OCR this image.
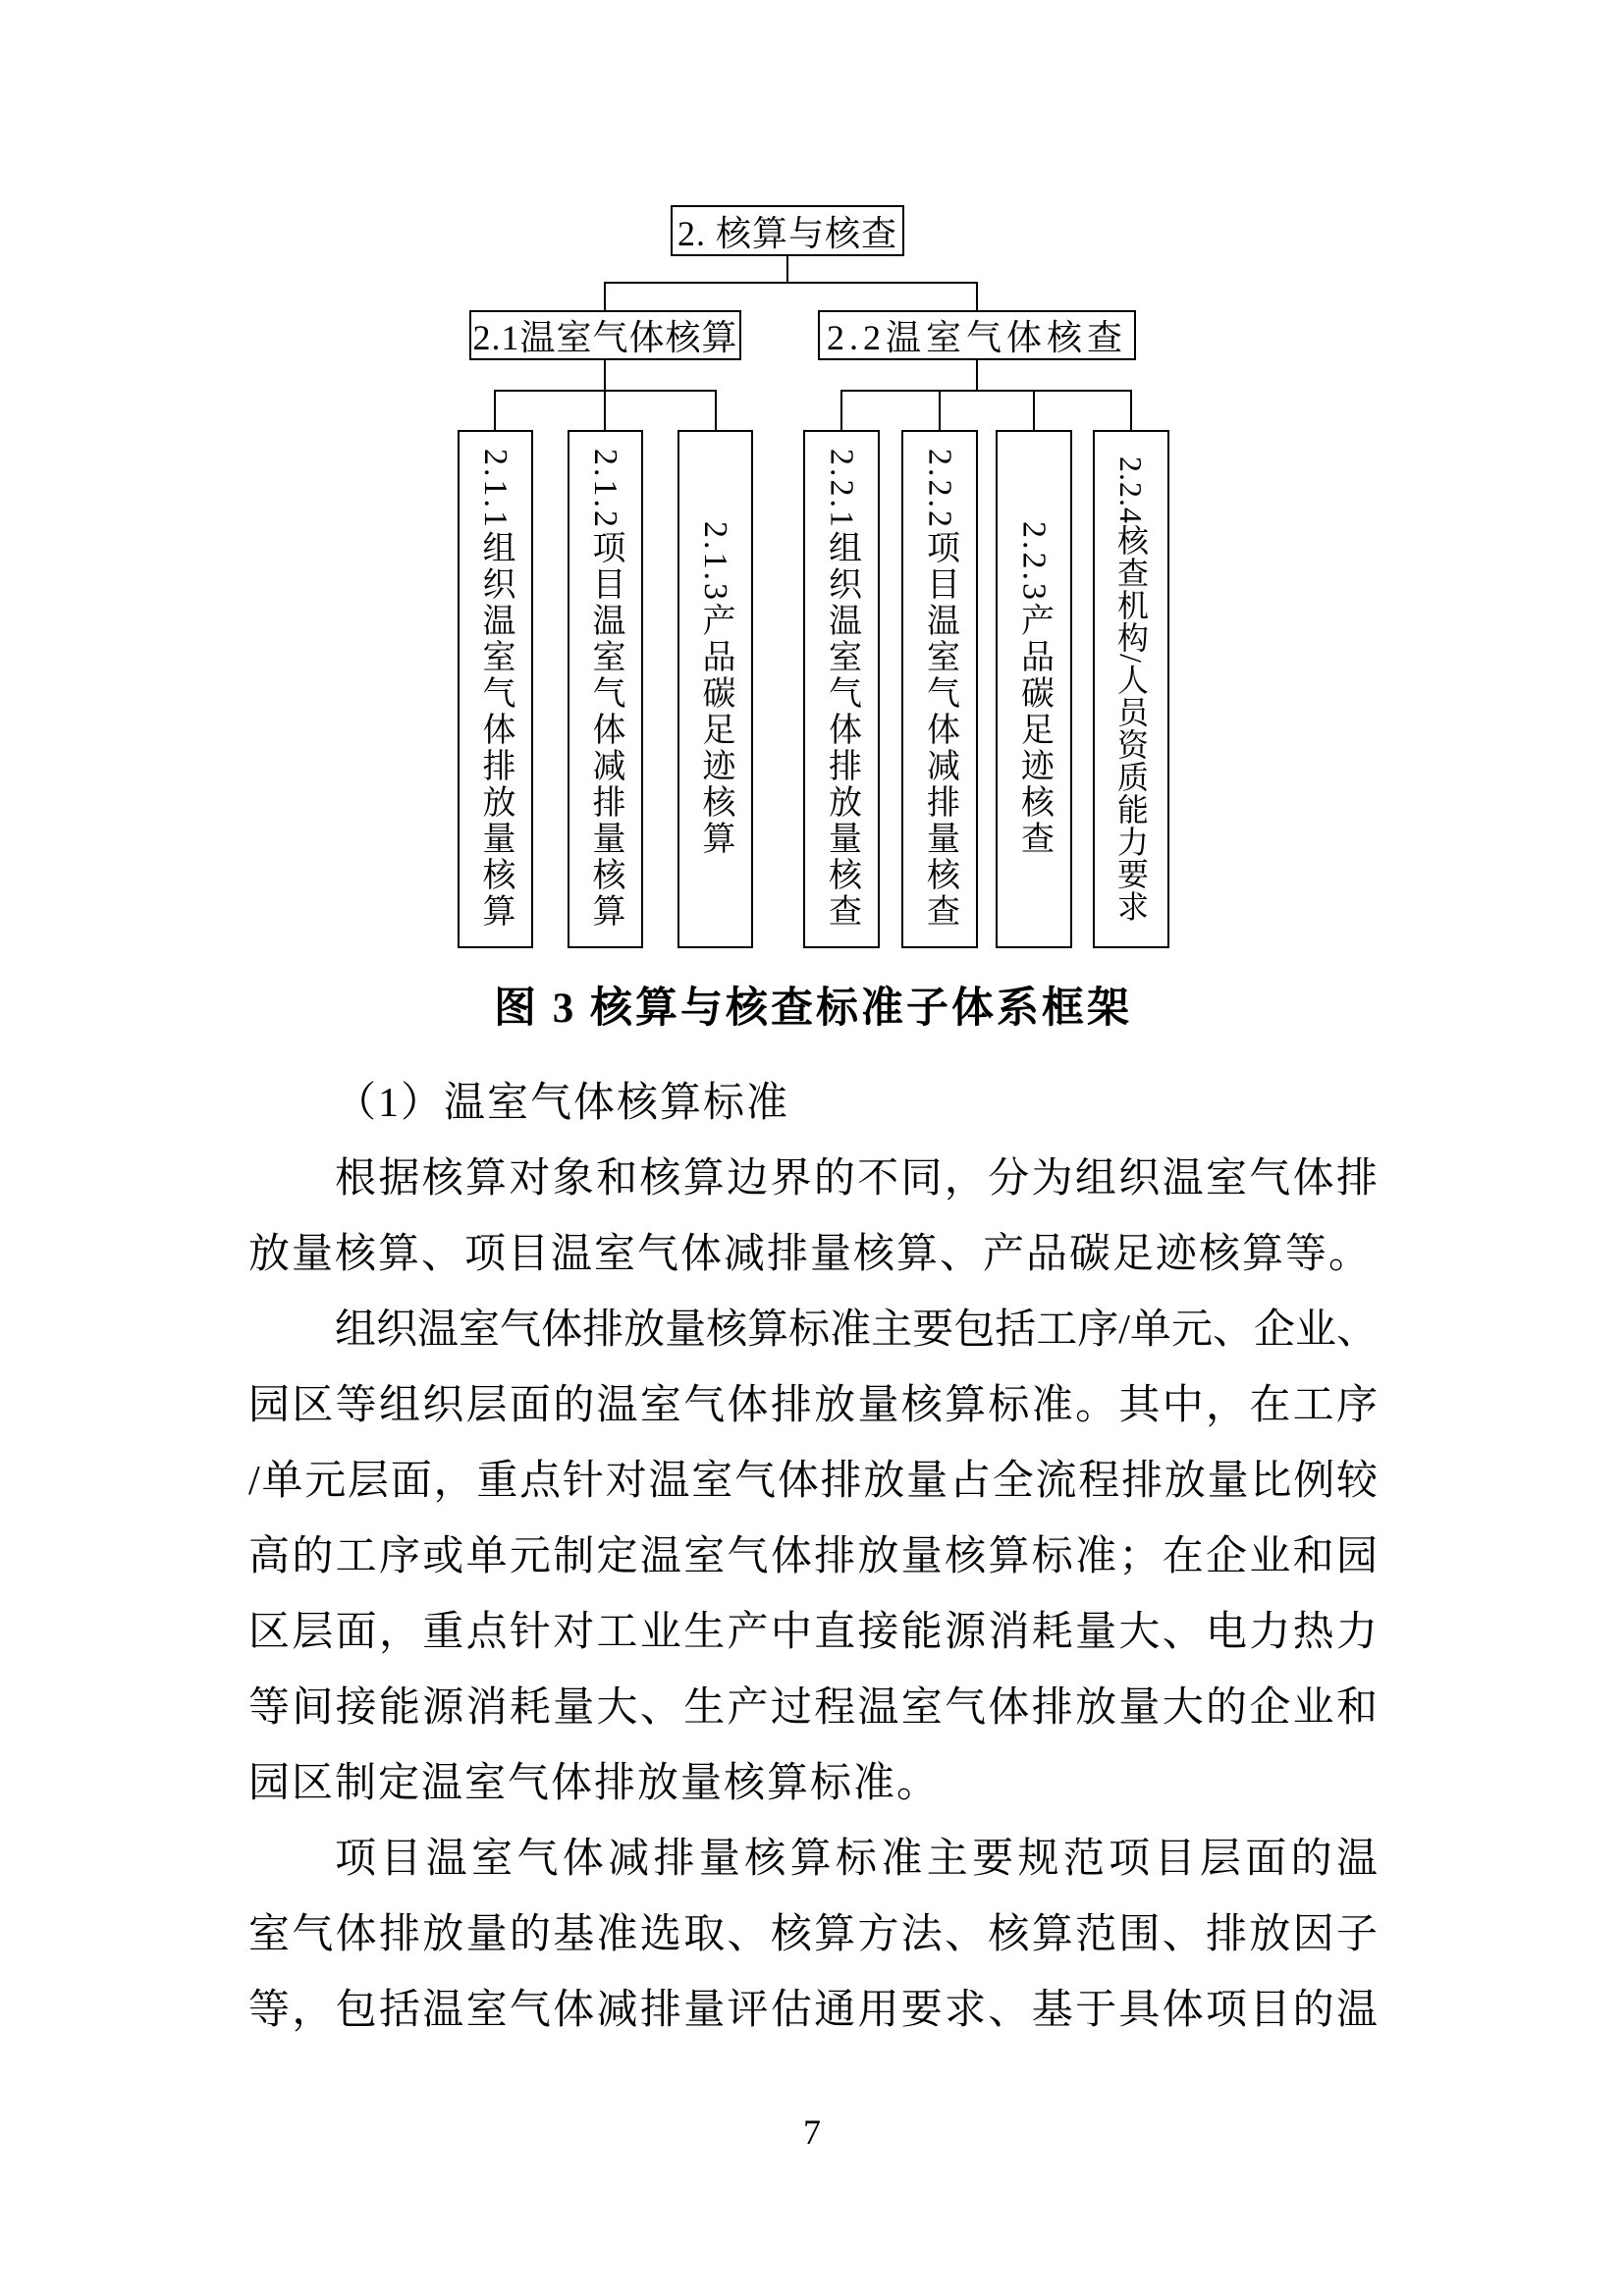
2. 核算与核查
2.1温室气体核算	2.2温室气体核查
2.1.1组织温室气体排放量核算 2.1.2项目温室气体减排量核算 2.1.3产品碳足迹核算	2.2.1组织温室气体排放量核查 2.2.2项目温室气体减排量核查 2.2.3产品碳足迹核查 2.2.4核查机构/人员资质能力要求
图 3 核算与核查标准子体系框架
（1）温室气体核算标准
根据核算对象和核算边界的不同，分为组织温室气体排
放量核算、项目温室气体减排量核算、产品碳足迹核算等。
组织温室气体排放量核算标准主要包括工序/单元、企业、
园区等组织层面的温室气体排放量核算标准。其中，在工序
/单元层面，重点针对温室气体排放量占全流程排放量比例较
高的工序或单元制定温室气体排放量核算标准；在企业和园
区层面，重点针对工业生产中直接能源消耗量大、电力热力
等间接能源消耗量大、生产过程温室气体排放量大的企业和
园区制定温室气体排放量核算标准。
项目温室气体减排量核算标准主要规范项目层面的温
室气体排放量的基准选取、核算方法、核算范围、排放因子
等，包括温室气体减排量评估通用要求、基于具体项目的温
7
